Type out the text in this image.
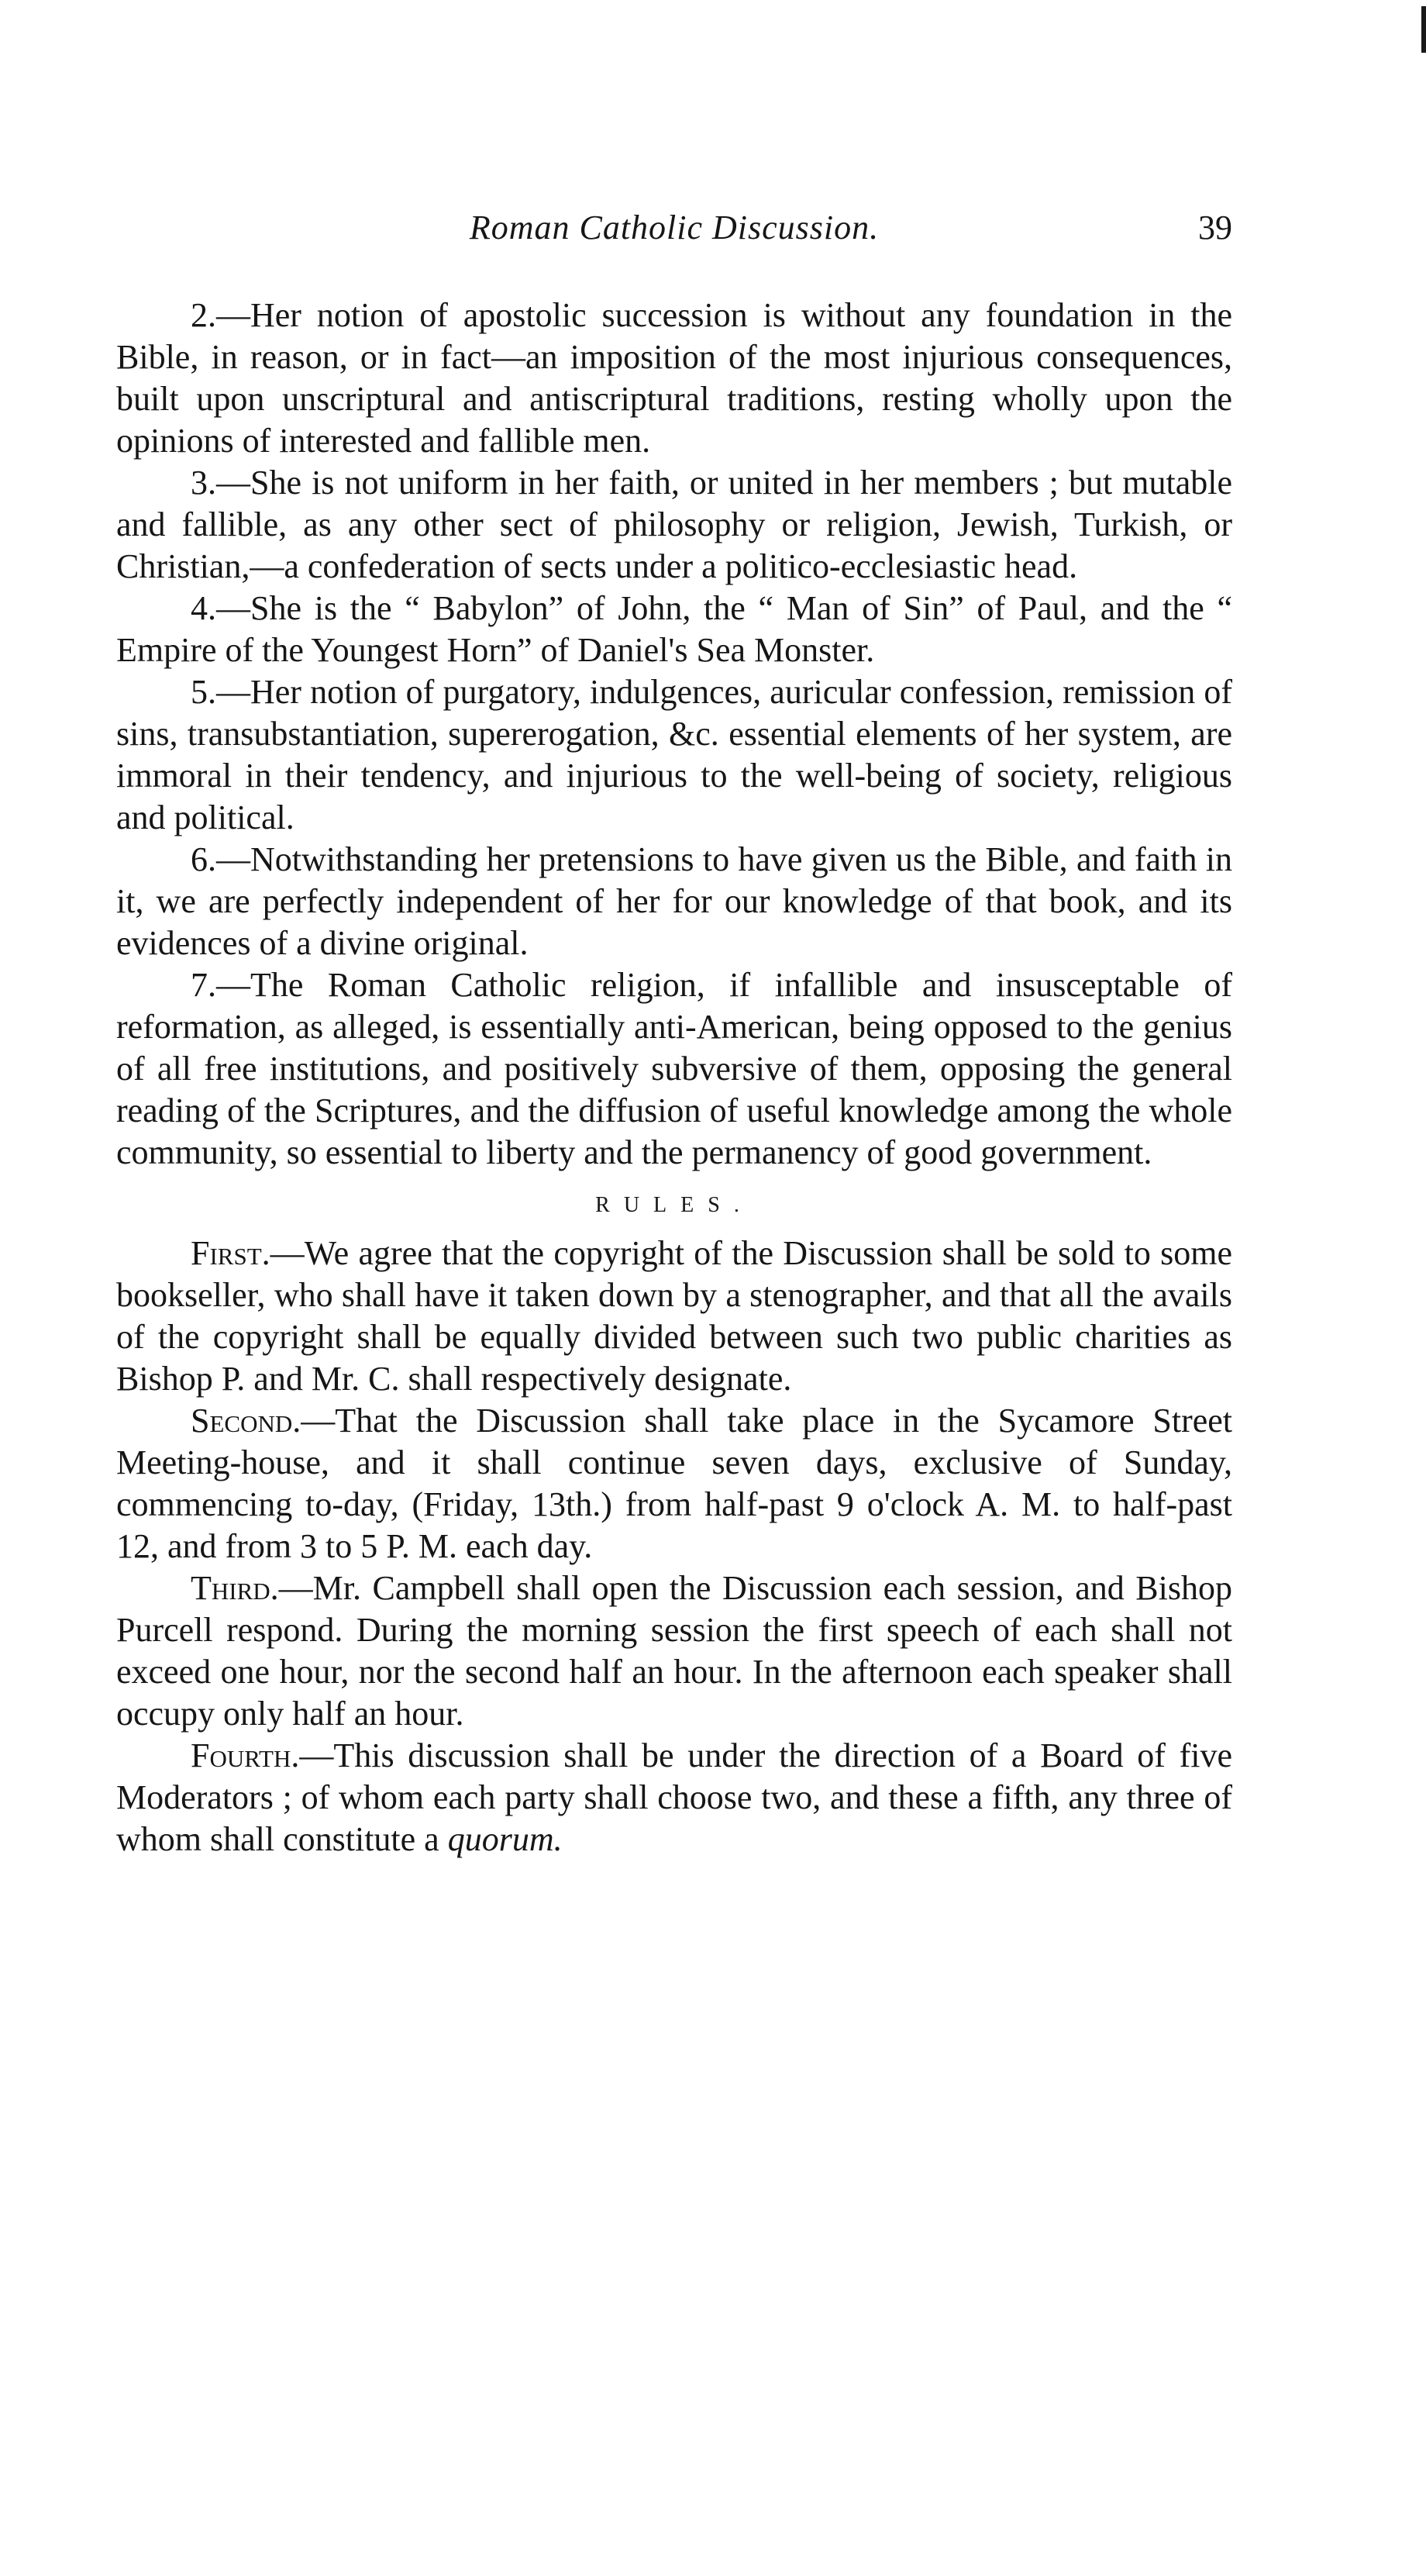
Roman Catholic Discussion.	39

2.—Her notion of apostolic succession is without any foundation in the Bible, in reason, or in fact—an imposition of the most injurious consequences, built upon unscriptural and antiscriptural traditions, resting wholly upon the opinions of interested and fallible men.

3.—She is not uniform in her faith, or united in her members ; but mutable and fallible, as any other sect of philosophy or religion, Jewish, Turkish, or Christian,—a confederation of sects under a politico-ecclesiastic head.

4.—She is the “ Babylon” of John, the “ Man of Sin” of Paul, and the “ Empire of the Youngest Horn” of Daniel's Sea Monster.

5.—Her notion of purgatory, indulgences, auricular confession, remission of sins, transubstantiation, supererogation, &c. essential elements of her system, are immoral in their tendency, and injurious to the well-being of society, religious and political.

6.—Notwithstanding her pretensions to have given us the Bible, and faith in it, we are perfectly independent of her for our knowledge of that book, and its evidences of a divine original.

7.—The Roman Catholic religion, if infallible and insusceptable of reformation, as alleged, is essentially anti-American, being opposed to the genius of all free institutions, and positively subversive of them, opposing the general reading of the Scriptures, and the diffusion of useful knowledge among the whole community, so essential to liberty and the permanency of good government.

RULES.

First.—We agree that the copyright of the Discussion shall be sold to some bookseller, who shall have it taken down by a stenographer, and that all the avails of the copyright shall be equally divided between such two public charities as Bishop P. and Mr. C. shall respectively designate.

Second.—That the Discussion shall take place in the Sycamore Street Meeting-house, and it shall continue seven days, exclusive of Sunday, commencing to-day, (Friday, 13th.) from half-past 9 o'clock A. M. to half-past 12, and from 3 to 5 P. M. each day.

Third.—Mr. Campbell shall open the Discussion each session, and Bishop Purcell respond. During the morning session the first speech of each shall not exceed one hour, nor the second half an hour. In the afternoon each speaker shall occupy only half an hour.

Fourth.—This discussion shall be under the direction of a Board of five Moderators ; of whom each party shall choose two, and these a fifth, any three of whom shall constitute a quorum.
